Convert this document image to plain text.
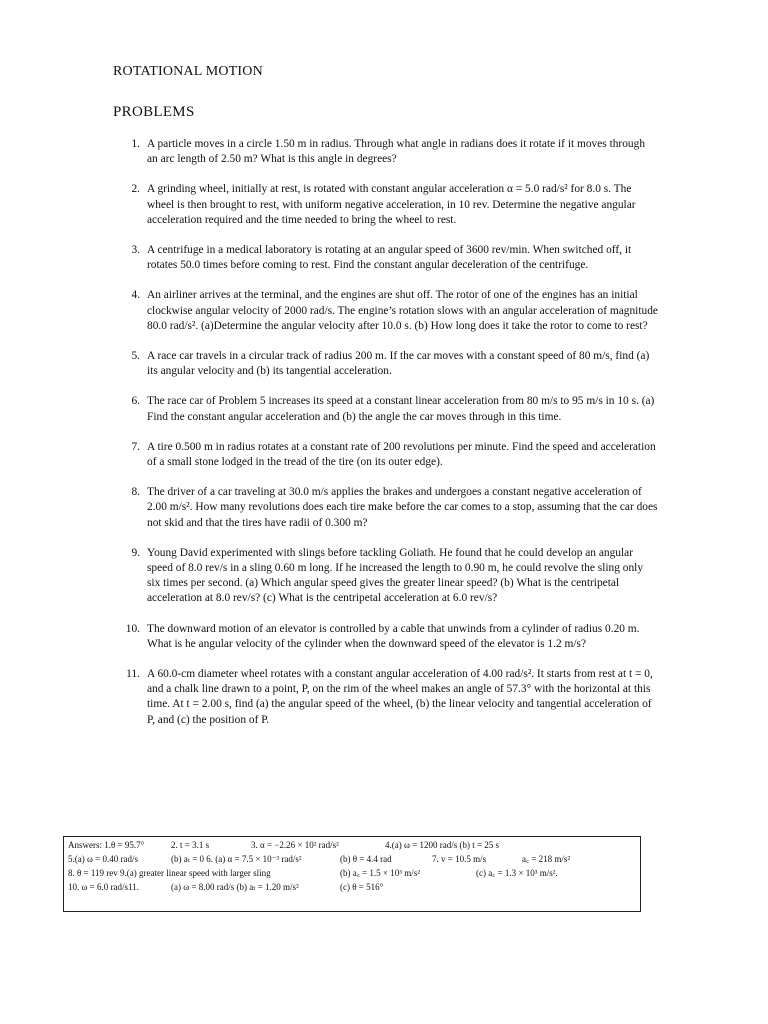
ROTATIONAL MOTION
PROBLEMS
1. A particle moves in a circle 1.50 m in radius. Through what angle in radians does it rotate if it moves through an arc length of 2.50 m? What is this angle in degrees?
2. A grinding wheel, initially at rest, is rotated with constant angular acceleration α = 5.0 rad/s² for 8.0 s. The wheel is then brought to rest, with uniform negative acceleration, in 10 rev. Determine the negative angular acceleration required and the time needed to bring the wheel to rest.
3. A centrifuge in a medical laboratory is rotating at an angular speed of 3600 rev/min. When switched off, it rotates 50.0 times before coming to rest. Find the constant angular deceleration of the centrifuge.
4. An airliner arrives at the terminal, and the engines are shut off. The rotor of one of the engines has an initial clockwise angular velocity of 2000 rad/s. The engine’s rotation slows with an angular acceleration of magnitude 80.0 rad/s². (a)Determine the angular velocity after 10.0 s. (b) How long does it take the rotor to come to rest?
5. A race car travels in a circular track of radius 200 m. If the car moves with a constant speed of 80 m/s, find (a) its angular velocity and (b) its tangential acceleration.
6. The race car of Problem 5 increases its speed at a constant linear acceleration from 80 m/s to 95 m/s in 10 s. (a) Find the constant angular acceleration and (b) the angle the car moves through in this time.
7. A tire 0.500 m in radius rotates at a constant rate of 200 revolutions per minute. Find the speed and acceleration of a small stone lodged in the tread of the tire (on its outer edge).
8. The driver of a car traveling at 30.0 m/s applies the brakes and undergoes a constant negative acceleration of 2.00 m/s². How many revolutions does each tire make before the car comes to a stop, assuming that the car does not skid and that the tires have radii of 0.300 m?
9. Young David experimented with slings before tackling Goliath. He found that he could develop an angular speed of 8.0 rev/s in a sling 0.60 m long. If he increased the length to 0.90 m, he could revolve the sling only six times per second. (a) Which angular speed gives the greater linear speed? (b) What is the centripetal acceleration at 8.0 rev/s? (c) What is the centripetal acceleration at 6.0 rev/s?
10. The downward motion of an elevator is controlled by a cable that unwinds from a cylinder of radius 0.20 m. What is he angular velocity of the cylinder when the downward speed of the elevator is 1.2 m/s?
11. A 60.0-cm diameter wheel rotates with a constant angular acceleration of 4.00 rad/s². It starts from rest at t = 0, and a chalk line drawn to a point, P, on the rim of the wheel makes an angle of 57.3° with the horizontal at this time. At t = 2.00 s, find (a) the angular speed of the wheel, (b) the linear velocity and tangential acceleration of P, and (c) the position of P.
Answers: 1.θ = 95.7°	2. t = 3.1 s	3. α = −2.26 × 10² rad/s²	4.(a) ω = 1200 rad/s (b) t = 25 s
5.(a) ω = 0.40 rad/s	(b) aₜ = 0 6. (a) α = 7.5 × 10⁻³ rad/s²	(b) θ = 4.4 rad	7. v = 10.5 m/s	a꜀ = 218 m/s²
8. θ = 119 rev 9.(a) greater linear speed with larger sling	(b) a꜀ = 1.5 × 10³ m/s²	(c) a꜀ = 1.3 × 10³ m/s².
10. ω = 6.0 rad/s11.	(a) ω = 8.00 rad/s (b) aₜ = 1.20 m/s²	(c) θ = 516°
